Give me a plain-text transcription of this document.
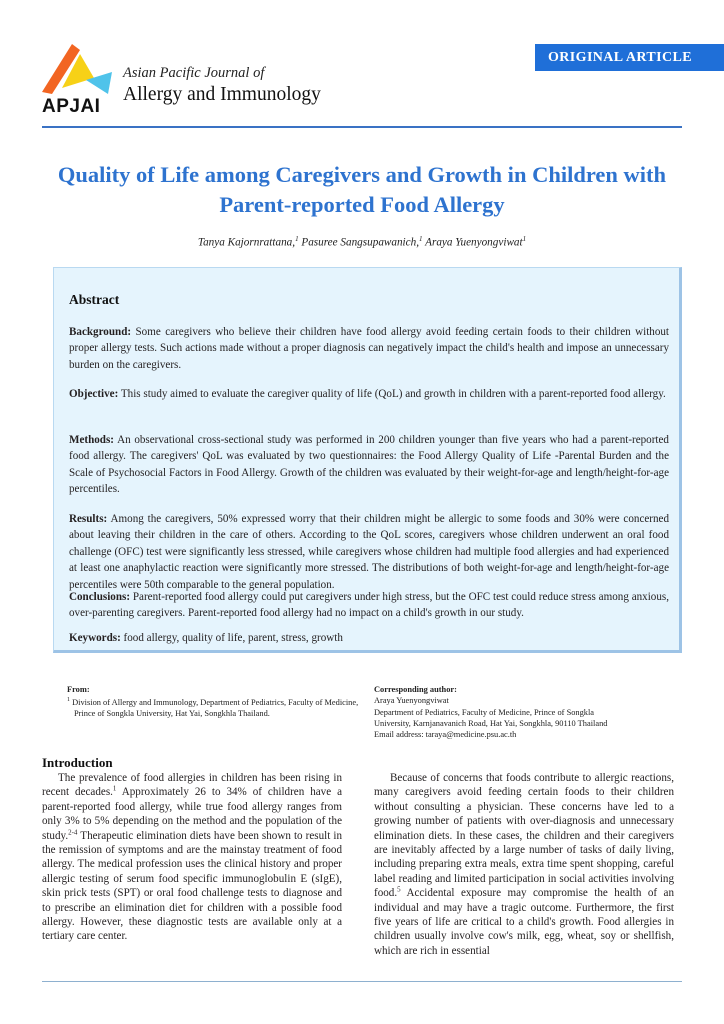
APJAI
Asian Pacific Journal of
Allergy and Immunology
ORIGINAL ARTICLE
Quality of Life among Caregivers and Growth in Children with Parent-reported Food Allergy
Tanya Kajornrattana,$^1$ Pasuree Sangsupawanich,$^1$ Araya Yuenyongviwat$^1$
Abstract

Background: Some caregivers who believe their children have food allergy avoid feeding certain foods to their children without proper allergy tests. Such actions made without a proper diagnosis can negatively impact the child's health and impose an unnecessary burden on the caregivers.

Objective: This study aimed to evaluate the caregiver quality of life (QoL) and growth in children with a parent-reported food allergy.

Methods: An observational cross-sectional study was performed in 200 children younger than five years who had a parent-reported food allergy. The caregivers' QoL was evaluated by two questionnaires: the Food Allergy Quality of Life -Parental Burden and the Scale of Psychosocial Factors in Food Allergy. Growth of the children was evaluated by their weight-for-age and length/height-for-age percentiles.

Results: Among the caregivers, 50% expressed worry that their children might be allergic to some foods and 30% were concerned about leaving their children in the care of others. According to the QoL scores, caregivers whose children underwent an oral food challenge (OFC) test were significantly less stressed, while caregivers whose children had multiple food allergies and had experienced at least one anaphylactic reaction were significantly more stressed. The distributions of both weight-for-age and length/height-for-age percentiles were 50th comparable to the general population.

Conclusions: Parent-reported food allergy could put caregivers under high stress, but the OFC test could reduce stress among anxious, over-parenting caregivers. Parent-reported food allergy had no impact on a child's growth in our study.

Keywords: food allergy, quality of life, parent, stress, growth

From:
$^1$ Division of Allergy and Immunology, Department of Pediatrics, Faculty of Medicine, Prince of Songkla University, Hat Yai, Songkhla Thailand.
Corresponding author:
Araya Yuenyongviwat
Department of Pediatrics, Faculty of Medicine, Prince of Songkla
University, Karnjanavanich Road, Hat Yai, Songkhla, 90110 Thailand
Email address: taraya@medicine.psu.ac.th
Introduction

The prevalence of food allergies in children has been rising in recent decades.$^1$ Approximately 26 to 34% of children have a parent-reported food allergy, while true food allergy ranges from only 3% to 5% depending on the method and the population of the study.$^{2-4}$ Therapeutic elimination diets have been shown to result in the remission of symptoms and are the mainstay treatment of food allergy. The medical profession uses the clinical history and proper allergic testing of serum food specific immunoglobulin E (sIgE), skin prick tests (SPT) or oral food challenge tests to diagnose and to prescribe an elimination diet for children with a possible food allergy. However, these diagnostic tests are available only at a tertiary care center.

Because of concerns that foods contribute to allergic reactions, many caregivers avoid feeding certain foods to their children without consulting a physician. These concerns have led to a growing number of patients with over-diagnosis and unnecessary elimination diets. In these cases, the children and their caregivers are inevitably affected by a large number of tasks of daily living, including preparing extra meals, extra time spent shopping, careful label reading and limited participation in social activities involving food.$^5$ Accidental exposure may compromise the health of an individual and may have a tragic outcome. Furthermore, the first five years of life are critical to a child's growth. Food allergies in children usually involve cow's milk, egg, wheat, soy or shellfish, which are rich in essential
